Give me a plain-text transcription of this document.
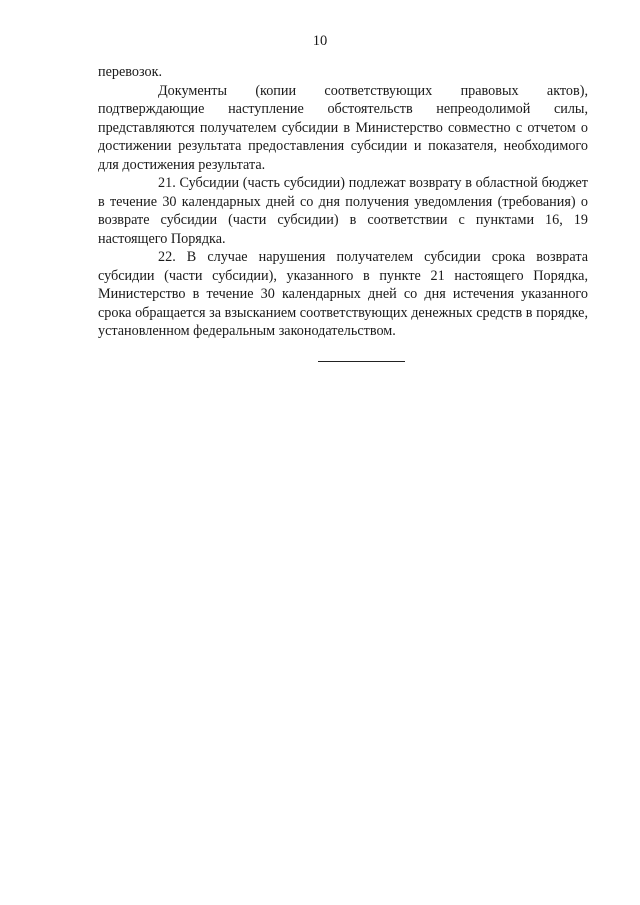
10

перевозок.

Документы (копии соответствующих правовых актов), подтверждающие наступление обстоятельств непреодолимой силы, представляются получателем субсидии в Министерство совместно с отчетом о достижении результата предоставления субсидии и показателя, необходимого для достижения результата.

21. Субсидии (часть субсидии) подлежат возврату в областной бюджет в течение 30 календарных дней со дня получения уведомления (требования) о возврате субсидии (части субсидии) в соответствии с пунктами 16, 19 настоящего Порядка.

22. В случае нарушения получателем субсидии срока возврата субсидии (части субсидии), указанного в пункте 21 настоящего Порядка, Министерство в течение 30 календарных дней со дня истечения указанного срока обращается за взысканием соответствующих денежных средств в порядке, установленном федеральным законодательством.
